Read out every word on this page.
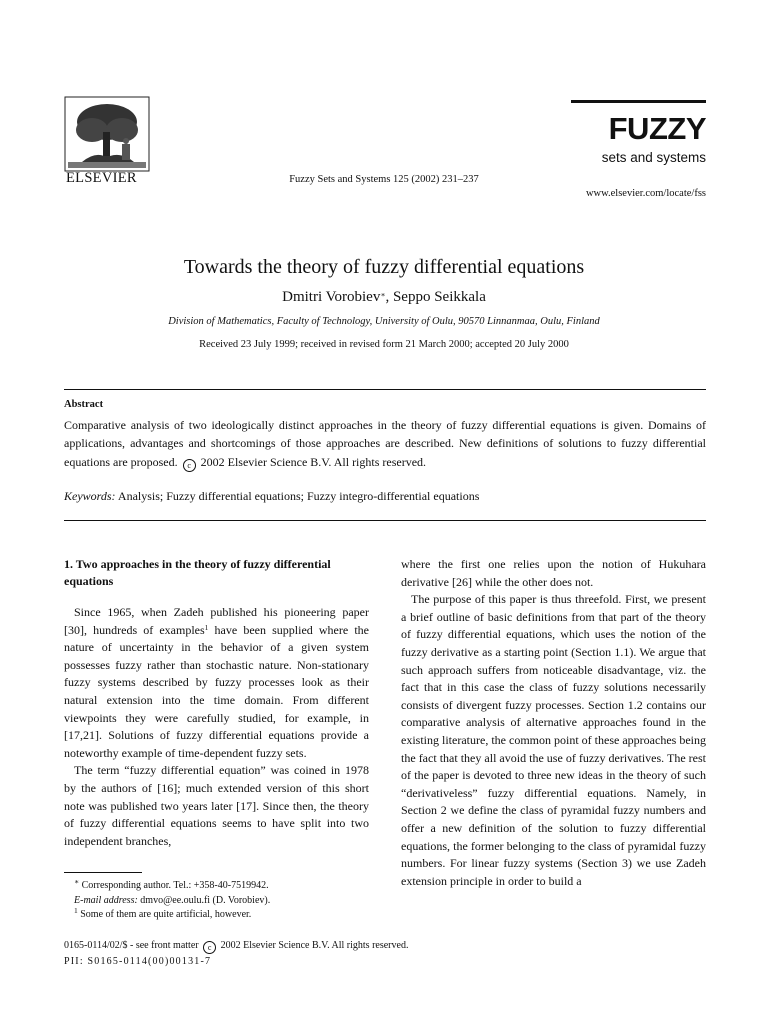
ELSEVIER	Fuzzy Sets and Systems 125 (2002) 231–237
FUZZY
sets and systems
www.elsevier.com/locate/fss
Towards the theory of fuzzy differential equations
Dmitri Vorobiev∗, Seppo Seikkala
Division of Mathematics, Faculty of Technology, University of Oulu, 90570 Linnanmaa, Oulu, Finland
Received 23 July 1999; received in revised form 21 March 2000; accepted 20 July 2000
Abstract
Comparative analysis of two ideologically distinct approaches in the theory of fuzzy differential equations is given. Domains of applications, advantages and shortcomings of those approaches are described. New definitions of solutions to fuzzy differential equations are proposed. c 2002 Elsevier Science B.V. All rights reserved.
Keywords: Analysis; Fuzzy differential equations; Fuzzy integro-differential equations
1. Two approaches in the theory of fuzzy differential equations

Since 1965, when Zadeh published his pioneering paper [30], hundreds of examples$^1$ have been supplied where the nature of uncertainty in the behavior of a given system possesses fuzzy rather than stochastic nature. Non-stationary fuzzy systems described by fuzzy processes look as their natural extension into the time domain. From different viewpoints they were carefully studied, for example, in [17,21]. Solutions of fuzzy differential equations provide a noteworthy example of time-dependent fuzzy sets.

The term “fuzzy differential equation” was coined in 1978 by the authors of [16]; much extended version of this short note was published two years later [17]. Since then, the theory of fuzzy differential equations seems to have split into two independent branches,

∗ Corresponding author. Tel.: +358-40-7519942.
E-mail address: dmvo@ee.oulu.fi (D. Vorobiev).
$^1$ Some of them are quite artificial, however.

where the first one relies upon the notion of Hukuhara derivative [26] while the other does not.

The purpose of this paper is thus threefold. First, we present a brief outline of basic definitions from that part of the theory of fuzzy differential equations, which uses the notion of the fuzzy derivative as a starting point (Section 1.1). We argue that such approach suffers from noticeable disadvantage, viz. the fact that in this case the class of fuzzy solutions necessarily consists of divergent fuzzy processes. Section 1.2 contains our comparative analysis of alternative approaches found in the existing literature, the common point of these approaches being the fact that they all avoid the use of fuzzy derivatives. The rest of the paper is devoted to three new ideas in the theory of such “derivativeless” fuzzy differential equations. Namely, in Section 2 we define the class of pyramidal fuzzy numbers and offer a new definition of the solution to fuzzy differential equations, the former belonging to the class of pyramidal fuzzy numbers. For linear fuzzy systems (Section 3) we use Zadeh extension principle in order to build a

0165-0114/02/$ - see front matter c 2002 Elsevier Science B.V. All rights reserved.
PII: S0165-0114(00)00131-7
